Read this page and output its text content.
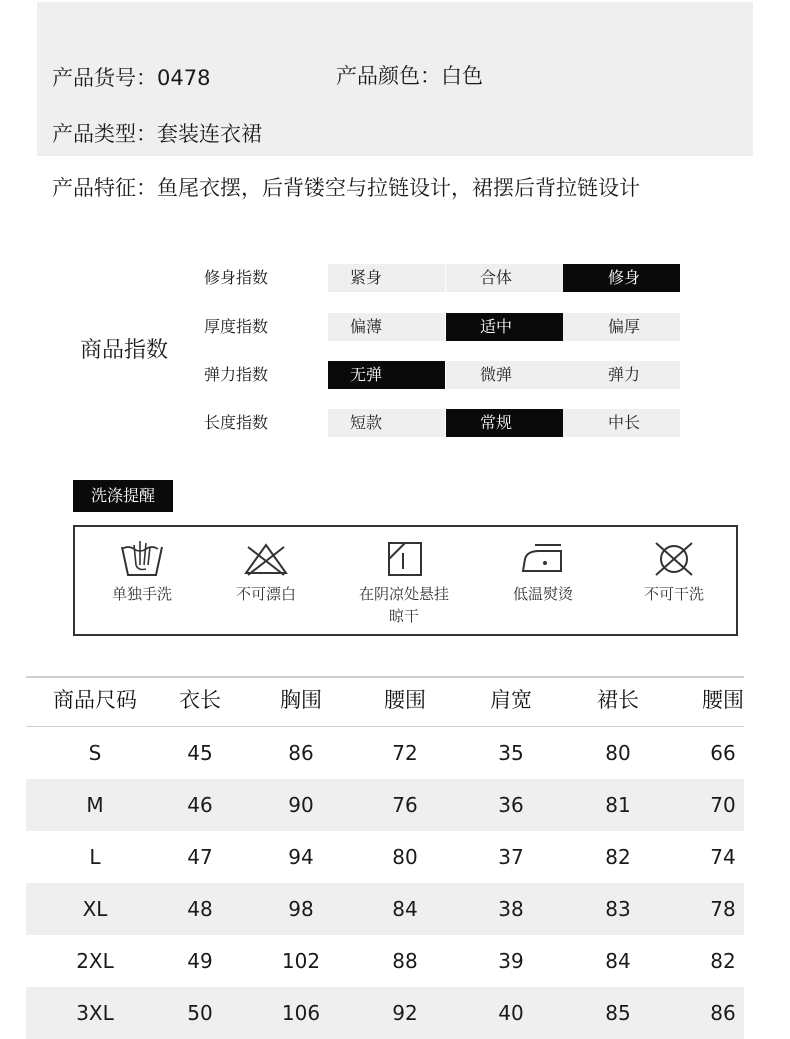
产品货号：0478	产品颜色：白色
产品类型：套装连衣裙
产品特征：鱼尾衣摆，后背镂空与拉链设计，裙摆后背拉链设计
商品指数
修身指数	紧身	合体	修身
厚度指数	偏薄	适中	偏厚
弹力指数	无弹	微弹	弹力
长度指数	短款	常规	中长
洗涤提醒
单独手洗	不可漂白	在阴凉处悬挂
晾干
低温熨烫	不可干洗
商品尺码	衣长	胸围	腰围	肩宽	裙长	腰围
S	45	86	72	35	80	66
M	46	90	76	36	81	70
L	47	94	80	37	82	74
XL	48	98	84	38	83	78
2XL	49	102	88	39	84	82
3XL	50	106	92	40	85	86
